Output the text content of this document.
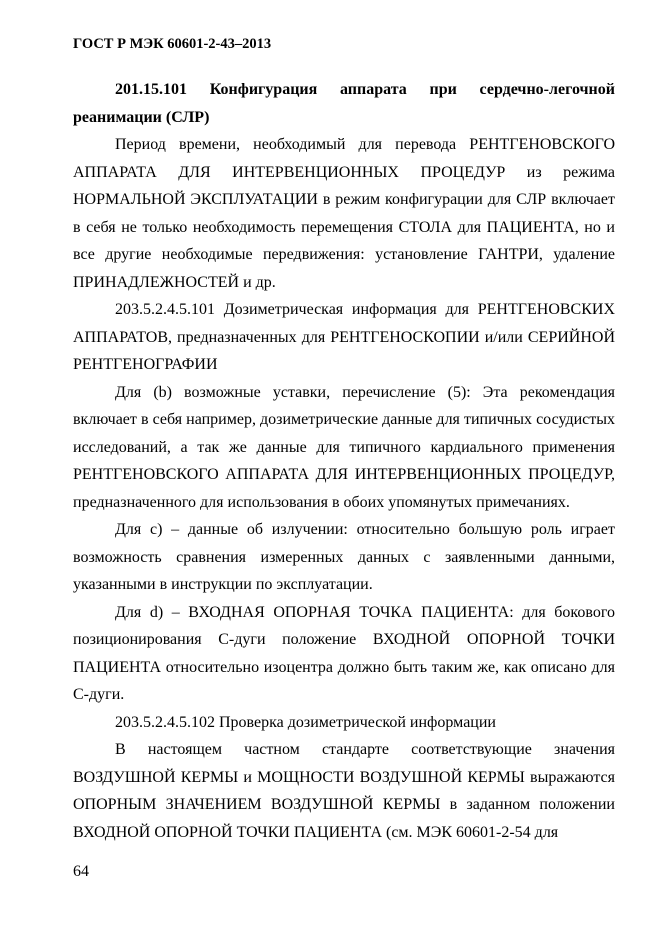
ГОСТ Р МЭК 60601-2-43–2013

201.15.101 Конфигурация аппарата при сердечно-легочной реанимации (СЛР)

Период времени, необходимый для перевода РЕНТГЕНОВСКОГО АППАРАТА ДЛЯ ИНТЕРВЕНЦИОННЫХ ПРОЦЕДУР из режима НОРМАЛЬНОЙ ЭКСПЛУАТАЦИИ в режим конфигурации для СЛР включает в себя не только необходимость перемещения СТОЛА для ПАЦИЕНТА, но и все другие необходимые передвижения: установление ГАНТРИ, удаление ПРИНАДЛЕЖНОСТЕЙ и др.

203.5.2.4.5.101 Дозиметрическая информация для РЕНТГЕНОВСКИХ АППАРАТОВ, предназначенных для РЕНТГЕНОСКОПИИ и/или СЕРИЙНОЙ РЕНТГЕНОГРАФИИ

Для (b) возможные уставки, перечисление (5): Эта рекомендация включает в себя например, дозиметрические данные для типичных сосудистых исследований, а так же данные для типичного кардиального применения РЕНТГЕНОВСКОГО АППАРАТА ДЛЯ ИНТЕРВЕНЦИОННЫХ ПРОЦЕДУР, предназначенного для использования в обоих упомянутых примечаниях.

Для c) – данные об излучении: относительно большую роль играет возможность сравнения измеренных данных с заявленными данными, указанными в инструкции по эксплуатации.

Для d) – ВХОДНАЯ ОПОРНАЯ ТОЧКА ПАЦИЕНТА: для бокового позиционирования C-дуги положение ВХОДНОЙ ОПОРНОЙ ТОЧКИ ПАЦИЕНТА относительно изоцентра должно быть таким же, как описано для C-дуги.

203.5.2.4.5.102 Проверка дозиметрической информации

В настоящем частном стандарте соответствующие значения ВОЗДУШНОЙ КЕРМЫ и МОЩНОСТИ ВОЗДУШНОЙ КЕРМЫ выражаются ОПОРНЫМ ЗНАЧЕНИЕМ ВОЗДУШНОЙ КЕРМЫ в заданном положении ВХОДНОЙ ОПОРНОЙ ТОЧКИ ПАЦИЕНТА (см. МЭК 60601-2-54 для

64
